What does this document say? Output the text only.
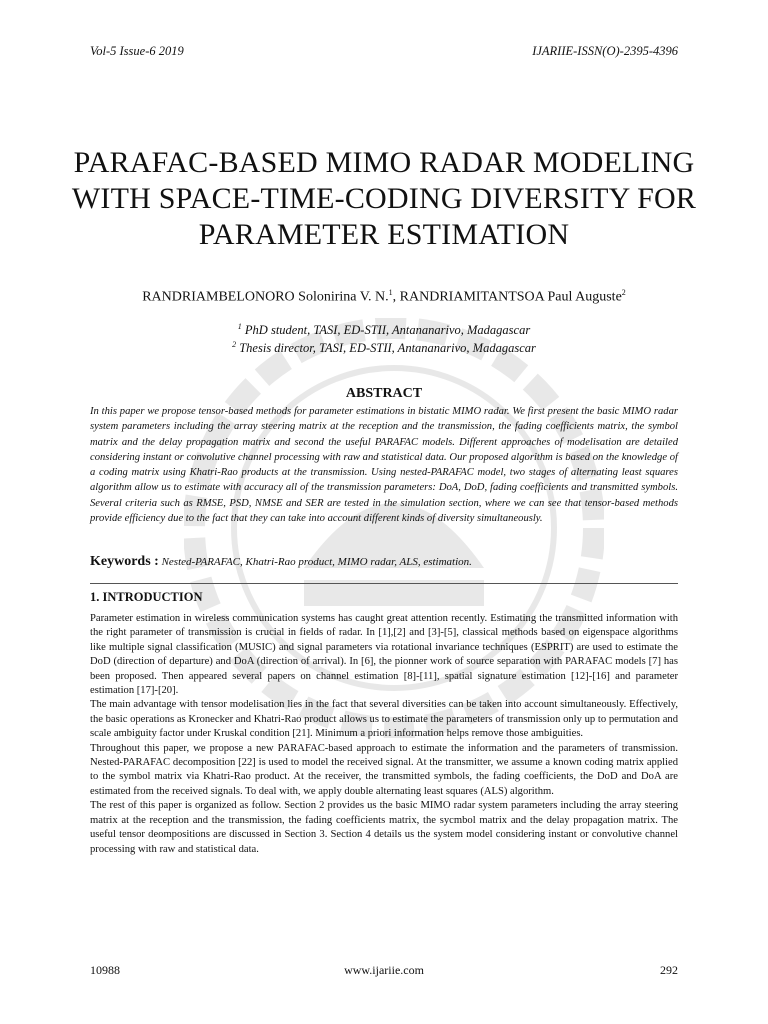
Vol-5 Issue-6 2019	IJARIIE-ISSN(O)-2395-4396
PARAFAC-BASED MIMO RADAR MODELING WITH SPACE-TIME-CODING DIVERSITY FOR PARAMETER ESTIMATION
RANDRIAMBELONORO Solonirina V. N.$^1$, RANDRIAMITANTSOA Paul Auguste$^2$
$^1$ PhD student, TASI, ED-STII, Antananarivo, Madagascar
$^2$ Thesis director, TASI, ED-STII, Antananarivo, Madagascar
ABSTRACT

In this paper we propose tensor-based methods for parameter estimations in bistatic MIMO radar. We first present the basic MIMO radar system parameters including the array steering matrix at the reception and the transmission, the fading coefficients matrix, the symbol matrix and the delay propagation matrix and second the useful PARAFAC models. Different approaches of modelisation are detailed considering instant or convolutive channel processing with raw and statistical data. Our proposed algorithm is based on the knowledge of a coding matrix using Khatri-Rao products at the transmission. Using nested-PARAFAC model, two stages of alternating least squares algorithm allow us to estimate with accuracy all of the transmission parameters: DoA, DoD, fading coefficients and transmitted symbols. Several criteria such as RMSE, PSD, NMSE and SER are tested in the simulation section, where we can see that tensor-based methods provide efficiency due to the fact that they can take into account different kinds of diversity simultaneously.

Keywords : Nested-PARAFAC, Khatri-Rao product, MIMO radar, ALS, estimation.
1. INTRODUCTION

Parameter estimation in wireless communication systems has caught great attention recently. Estimating the transmitted information with the right parameter of transmission is crucial in fields of radar. In [1],[2] and [3]-[5], classical methods based on eigenspace algorithms like multiple signal classification (MUSIC) and signal parameters via rotational invariance techniques (ESPRIT) are used to estimate the DoD (direction of departure) and DoA (direction of arrival). In [6], the pionner work of source separation with PARAFAC models [7] has been proposed. Then appeared several papers on channel estimation [8]-[11], spatial signature estimation [12]-[16] and parameter estimation [17]-[20].

The main advantage with tensor modelisation lies in the fact that several diversities can be taken into account simultaneously. Effectively, the basic operations as Kronecker and Khatri-Rao product allows us to estimate the parameters of transmission only up to permutation and scale ambiguity factor under Kruskal condition [21]. Minimum a priori information helps remove those ambiguities.

Throughout this paper, we propose a new PARAFAC-based approach to estimate the information and the parameters of transmission. Nested-PARAFAC decomposition [22] is used to model the received signal. At the transmitter, we assume a known coding matrix applied to the symbol matrix via Khatri-Rao product. At the receiver, the transmitted symbols, the fading coefficients, the DoD and DoA are estimated from the received signals. To deal with, we apply double alternating least squares (ALS) algorithm.

The rest of this paper is organized as follow. Section 2 provides us the basic MIMO radar system parameters including the array steering matrix at the reception and the transmission, the fading coefficients matrix, the sycmbol matrix and the delay propagation matrix. The useful tensor deompositions are discussed in Section 3. Section 4 details us the system model considering instant or convolutive channel processing with raw and statistical data.

10988	www.ijariie.com	292
